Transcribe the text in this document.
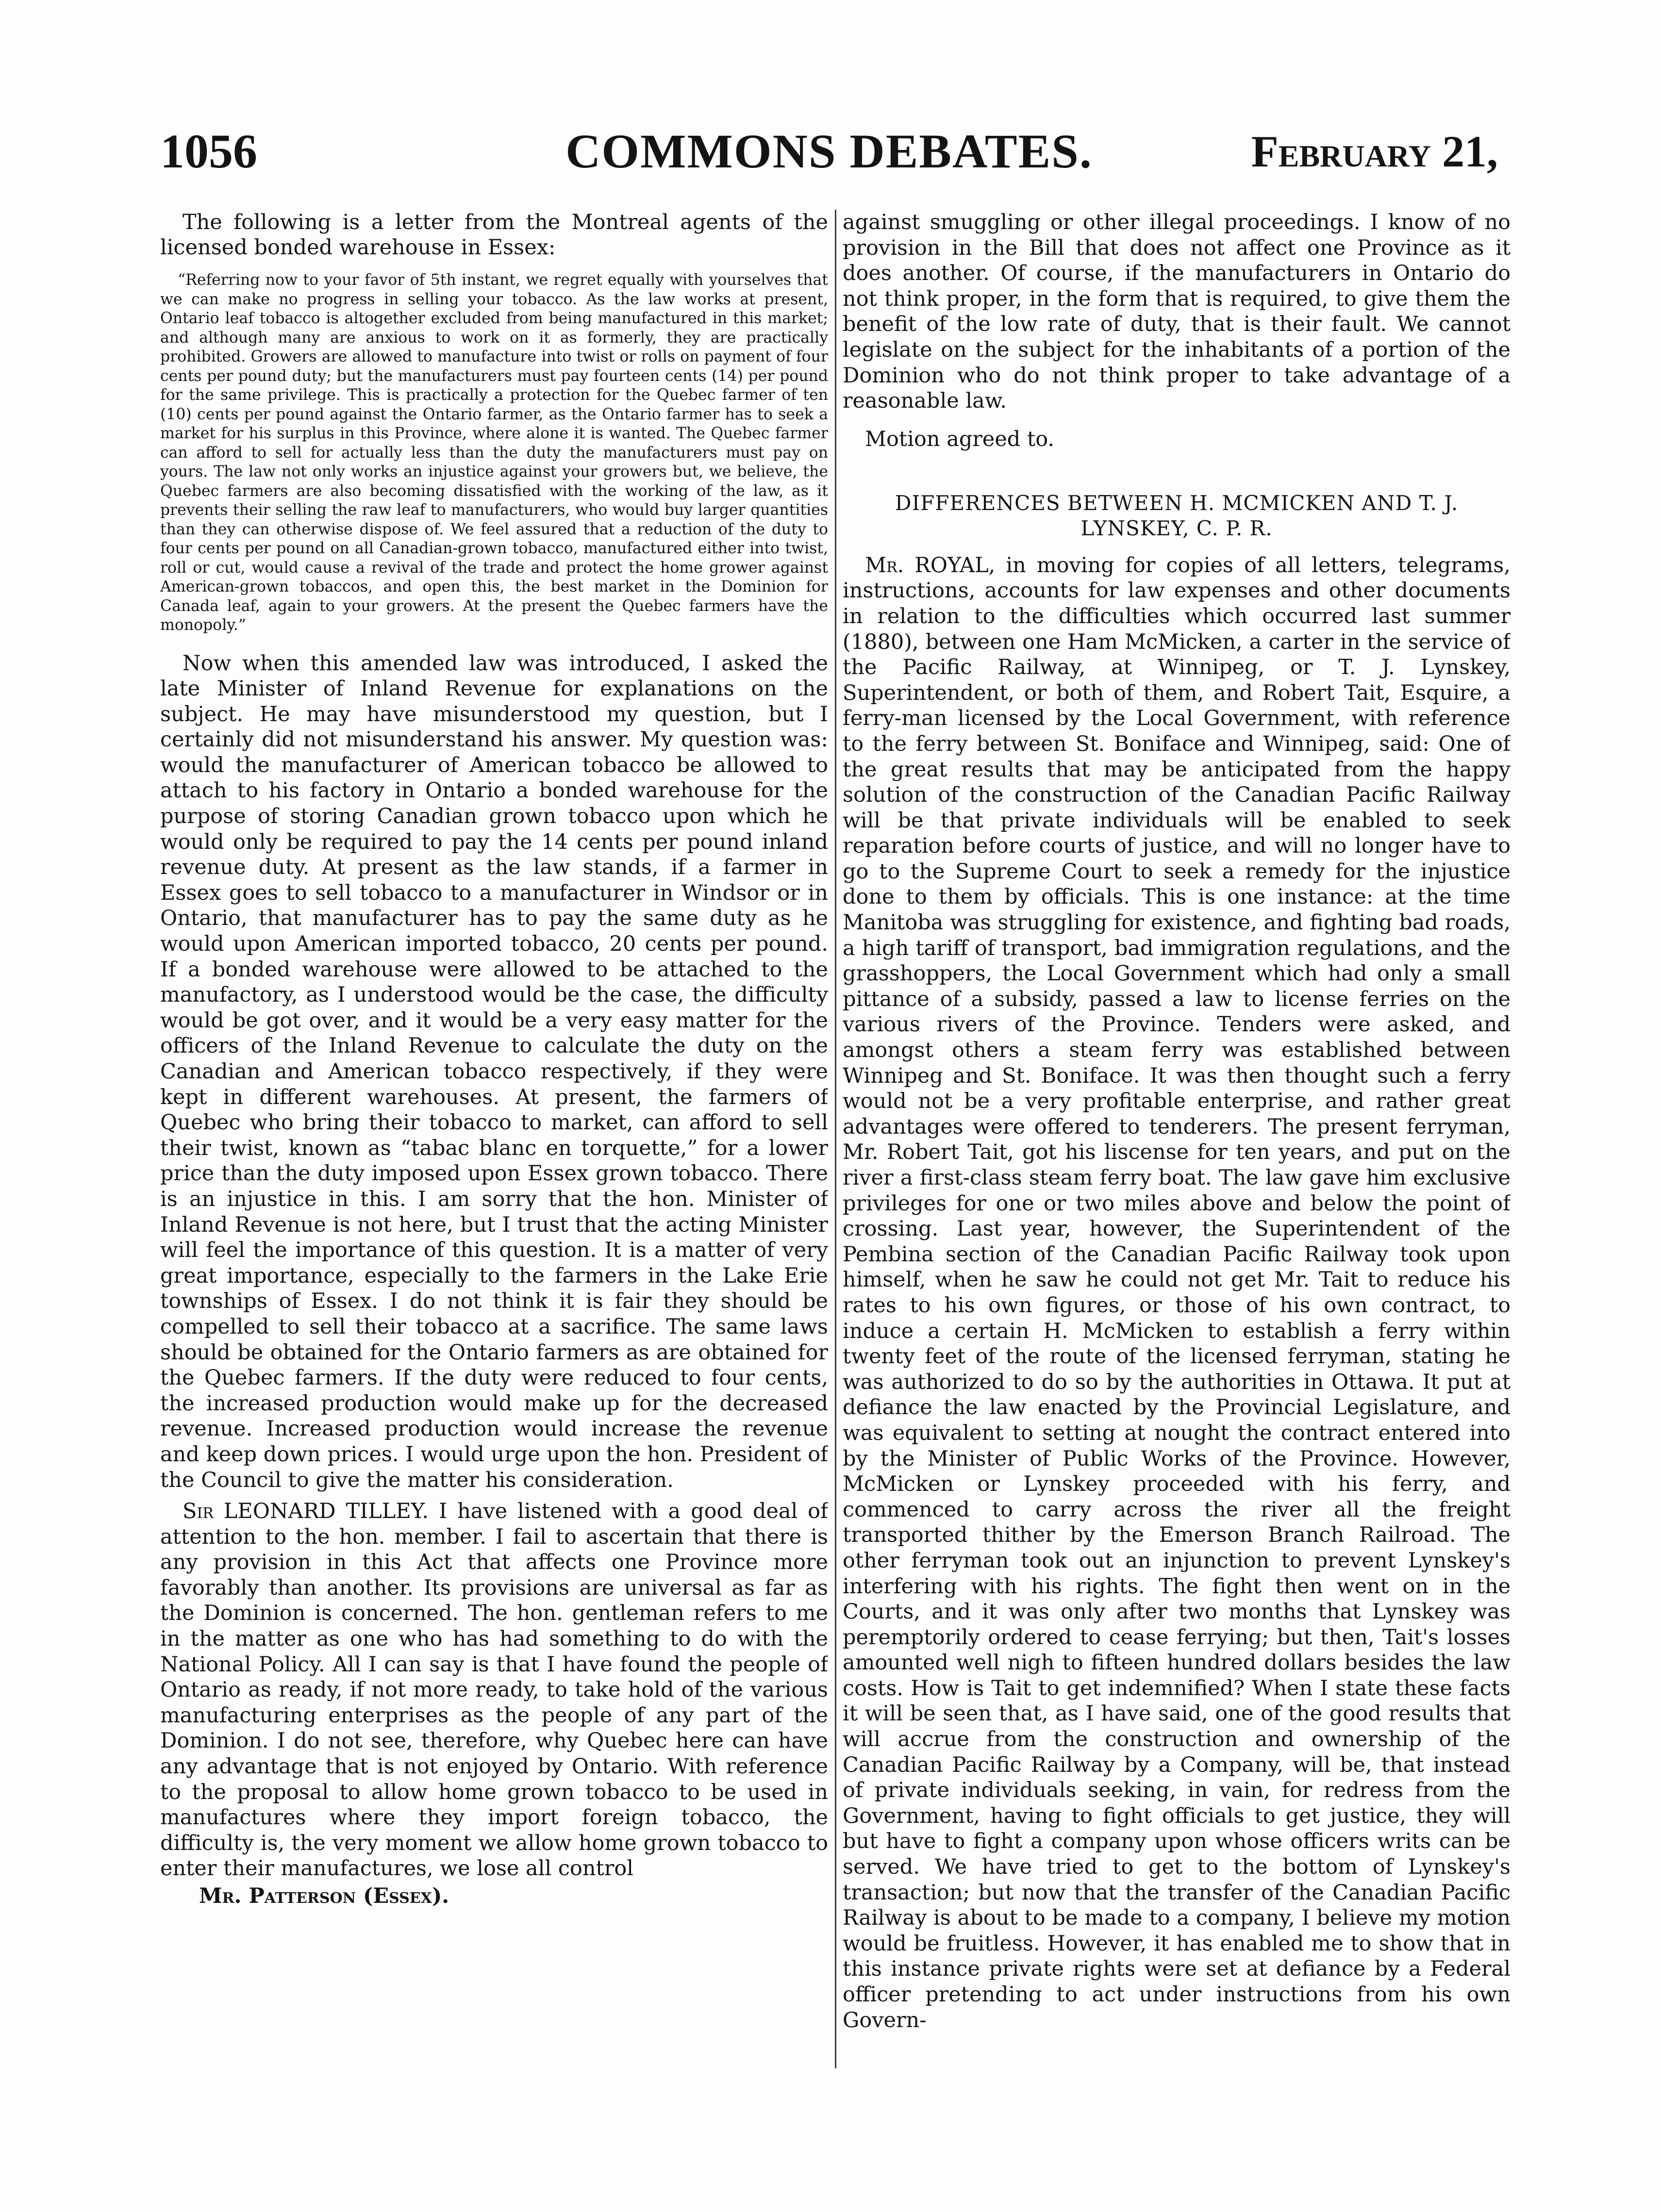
1056	COMMONS DEBATES.	February 21,

The following is a letter from the Montreal agents of the licensed bonded warehouse in Essex:

“Referring now to your favor of 5th instant, we regret equally with yourselves that we can make no progress in selling your tobacco. As the law works at present, Ontario leaf tobacco is altogether excluded from being manufactured in this market; and although many are anxious to work on it as formerly, they are practically prohibited. Growers are allowed to manufacture into twist or rolls on payment of four cents per pound duty; but the manufacturers must pay fourteen cents (14) per pound for the same privilege. This is practically a protection for the Quebec farmer of ten (10) cents per pound against the Ontario farmer, as the Ontario farmer has to seek a market for his surplus in this Province, where alone it is wanted. The Quebec farmer can afford to sell for actually less than the duty the manufacturers must pay on yours. The law not only works an injustice against your growers but, we believe, the Quebec farmers are also becoming dissatisfied with the working of the law, as it prevents their selling the raw leaf to manufacturers, who would buy larger quantities than they can otherwise dispose of. We feel assured that a reduction of the duty to four cents per pound on all Canadian-grown tobacco, manufactured either into twist, roll or cut, would cause a revival of the trade and protect the home grower against American-grown tobaccos, and open this, the best market in the Dominion for Canada leaf, again to your growers. At the present the Quebec farmers have the monopoly.”

Now when this amended law was introduced, I asked the late Minister of Inland Revenue for explanations on the subject. He may have misunderstood my question, but I certainly did not misunderstand his answer. My question was: would the manufacturer of American tobacco be allowed to attach to his factory in Ontario a bonded warehouse for the purpose of storing Canadian grown tobacco upon which he would only be required to pay the 14 cents per pound inland revenue duty. At present as the law stands, if a farmer in Essex goes to sell tobacco to a manufacturer in Windsor or in Ontario, that manufacturer has to pay the same duty as he would upon American imported tobacco, 20 cents per pound. If a bonded warehouse were allowed to be attached to the manufactory, as I understood would be the case, the difficulty would be got over, and it would be a very easy matter for the officers of the Inland Revenue to calculate the duty on the Canadian and American tobacco respectively, if they were kept in different warehouses. At present, the farmers of Quebec who bring their tobacco to market, can afford to sell their twist, known as “tabac blanc en torquette,” for a lower price than the duty imposed upon Essex grown tobacco. There is an injustice in this. I am sorry that the hon. Minister of Inland Revenue is not here, but I trust that the acting Minister will feel the importance of this question. It is a matter of very great importance, especially to the farmers in the Lake Erie townships of Essex. I do not think it is fair they should be compelled to sell their tobacco at a sacrifice. The same laws should be obtained for the Ontario farmers as are obtained for the Quebec farmers. If the duty were reduced to four cents, the increased production would make up for the decreased revenue. Increased production would increase the revenue and keep down prices. I would urge upon the hon. President of the Council to give the matter his consideration.

Sir LEONARD TILLEY. I have listened with a good deal of attention to the hon. member. I fail to ascertain that there is any provision in this Act that affects one Province more favorably than another. Its provisions are universal as far as the Dominion is concerned. The hon. gentleman refers to me in the matter as one who has had something to do with the National Policy. All I can say is that I have found the people of Ontario as ready, if not more ready, to take hold of the various manufacturing enterprises as the people of any part of the Dominion. I do not see, therefore, why Quebec here can have any advantage that is not enjoyed by Ontario. With reference to the proposal to allow home grown tobacco to be used in manufactures where they import foreign tobacco, the difficulty is, the very moment we allow home grown tobacco to enter their manufactures, we lose all control

Mr. Patterson (Essex).

against smuggling or other illegal proceedings. I know of no provision in the Bill that does not affect one Province as it does another. Of course, if the manufacturers in Ontario do not think proper, in the form that is required, to give them the benefit of the low rate of duty, that is their fault. We cannot legislate on the subject for the inhabitants of a portion of the Dominion who do not think proper to take advantage of a reasonable law.

Motion agreed to.

DIFFERENCES BETWEEN H. MCMICKEN AND T. J. LYNSKEY, C. P. R.

Mr. ROYAL, in moving for copies of all letters, telegrams, instructions, accounts for law expenses and other documents in relation to the difficulties which occurred last summer (1880), between one Ham McMicken, a carter in the service of the Pacific Railway, at Winnipeg, or T. J. Lynskey, Superintendent, or both of them, and Robert Tait, Esquire, a ferry-man licensed by the Local Government, with reference to the ferry between St. Boniface and Winnipeg, said: One of the great results that may be anticipated from the happy solution of the construction of the Canadian Pacific Railway will be that private individuals will be enabled to seek reparation before courts of justice, and will no longer have to go to the Supreme Court to seek a remedy for the injustice done to them by officials. This is one instance: at the time Manitoba was struggling for existence, and fighting bad roads, a high tariff of transport, bad immigration regulations, and the grasshoppers, the Local Government which had only a small pittance of a subsidy, passed a law to license ferries on the various rivers of the Province. Tenders were asked, and amongst others a steam ferry was established between Winnipeg and St. Boniface. It was then thought such a ferry would not be a very profitable enterprise, and rather great advantages were offered to tenderers. The present ferryman, Mr. Robert Tait, got his liscense for ten years, and put on the river a first-class steam ferry boat. The law gave him exclusive privileges for one or two miles above and below the point of crossing. Last year, however, the Superintendent of the Pembina section of the Canadian Pacific Railway took upon himself, when he saw he could not get Mr. Tait to reduce his rates to his own figures, or those of his own contract, to induce a certain H. McMicken to establish a ferry within twenty feet of the route of the licensed ferryman, stating he was authorized to do so by the authorities in Ottawa. It put at defiance the law enacted by the Provincial Legislature, and was equivalent to setting at nought the contract entered into by the Minister of Public Works of the Province. However, McMicken or Lynskey proceeded with his ferry, and commenced to carry across the river all the freight transported thither by the Emerson Branch Railroad. The other ferryman took out an injunction to prevent Lynskey's interfering with his rights. The fight then went on in the Courts, and it was only after two months that Lynskey was peremptorily ordered to cease ferrying; but then, Tait's losses amounted well nigh to fifteen hundred dollars besides the law costs. How is Tait to get indemnified? When I state these facts it will be seen that, as I have said, one of the good results that will accrue from the construction and ownership of the Canadian Pacific Railway by a Company, will be, that instead of private individuals seeking, in vain, for redress from the Government, having to fight officials to get justice, they will but have to fight a company upon whose officers writs can be served. We have tried to get to the bottom of Lynskey's transaction; but now that the transfer of the Canadian Pacific Railway is about to be made to a company, I believe my motion would be fruitless. However, it has enabled me to show that in this instance private rights were set at defiance by a Federal officer pretending to act under instructions from his own Govern-
